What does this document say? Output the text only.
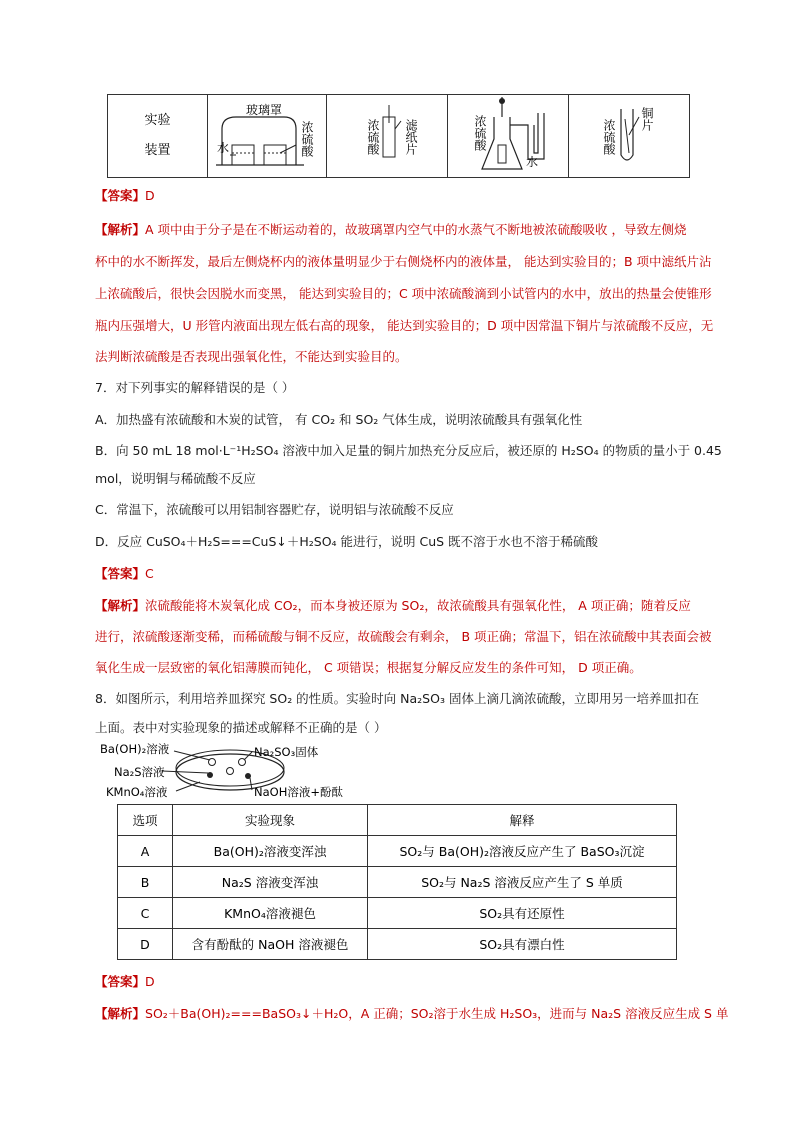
实验
装置

玻璃罩
水	浓硫酸	浓硫酸 滤纸片	浓硫酸
水

浓硫酸 铜片
【答案】D
【解析】A 项中由于分子是在不断运动着的，故玻璃罩内空气中的水蒸气不断地被浓硫酸吸收 ，导致左侧烧
杯中的水不断挥发，最后左侧烧杯内的液体量明显少于右侧烧杯内的液体量， 能达到实验目的；B 项中滤纸片沾
上浓硫酸后，很快会因脱水而变黑， 能达到实验目的；C 项中浓硫酸滴到小试管内的水中，放出的热量会使锥形
瓶内压强增大，U 形管内液面出现左低右高的现象， 能达到实验目的；D 项中因常温下铜片与浓硫酸不反应，无
法判断浓硫酸是否表现出强氧化性，不能达到实验目的。
7．对下列事实的解释错误的是（ ）
A．加热盛有浓硫酸和木炭的试管， 有 CO₂ 和 SO₂ 气体生成，说明浓硫酸具有强氧化性
B．向 50 mL 18 mol·L⁻¹H₂SO₄ 溶液中加入足量的铜片加热充分反应后，被还原的 H₂SO₄ 的物质的量小于 0.45
mol，说明铜与稀硫酸不反应
C．常温下，浓硫酸可以用铝制容器贮存，说明铝与浓硫酸不反应
D．反应 CuSO₄＋H₂S===CuS↓＋H₂SO₄ 能进行，说明 CuS 既不溶于水也不溶于稀硫酸
【答案】C
【解析】浓硫酸能将木炭氧化成 CO₂，而本身被还原为 SO₂，故浓硫酸具有强氧化性， A 项正确；随着反应
进行，浓硫酸逐渐变稀，而稀硫酸与铜不反应，故硫酸会有剩余， B 项正确；常温下，铝在浓硫酸中其表面会被
氧化生成一层致密的氧化铝薄膜而钝化， C 项错误；根据复分解反应发生的条件可知， D 项正确。
8．如图所示，利用培养皿探究 SO₂ 的性质。实验时向 Na₂SO₃ 固体上滴几滴浓硫酸，立即用另一培养皿扣在
上面。表中对实验现象的描述或解释不正确的是（ ）
Ba(OH)₂溶液	Na₂SO₃固体
Na₂S溶液
KMnO₄溶液	NaOH溶液+酚酞
选项	实验现象	解释
A	Ba(OH)₂溶液变浑浊	SO₂与 Ba(OH)₂溶液反应产生了 BaSO₃沉淀
B	Na₂S 溶液变浑浊	SO₂与 Na₂S 溶液反应产生了 S 单质
C	KMnO₄溶液褪色	SO₂具有还原性
D	含有酚酞的 NaOH 溶液褪色	SO₂具有漂白性
【答案】D
【解析】SO₂＋Ba(OH)₂===BaSO₃↓＋H₂O，A 正确；SO₂溶于水生成 H₂SO₃，进而与 Na₂S 溶液反应生成 S 单
